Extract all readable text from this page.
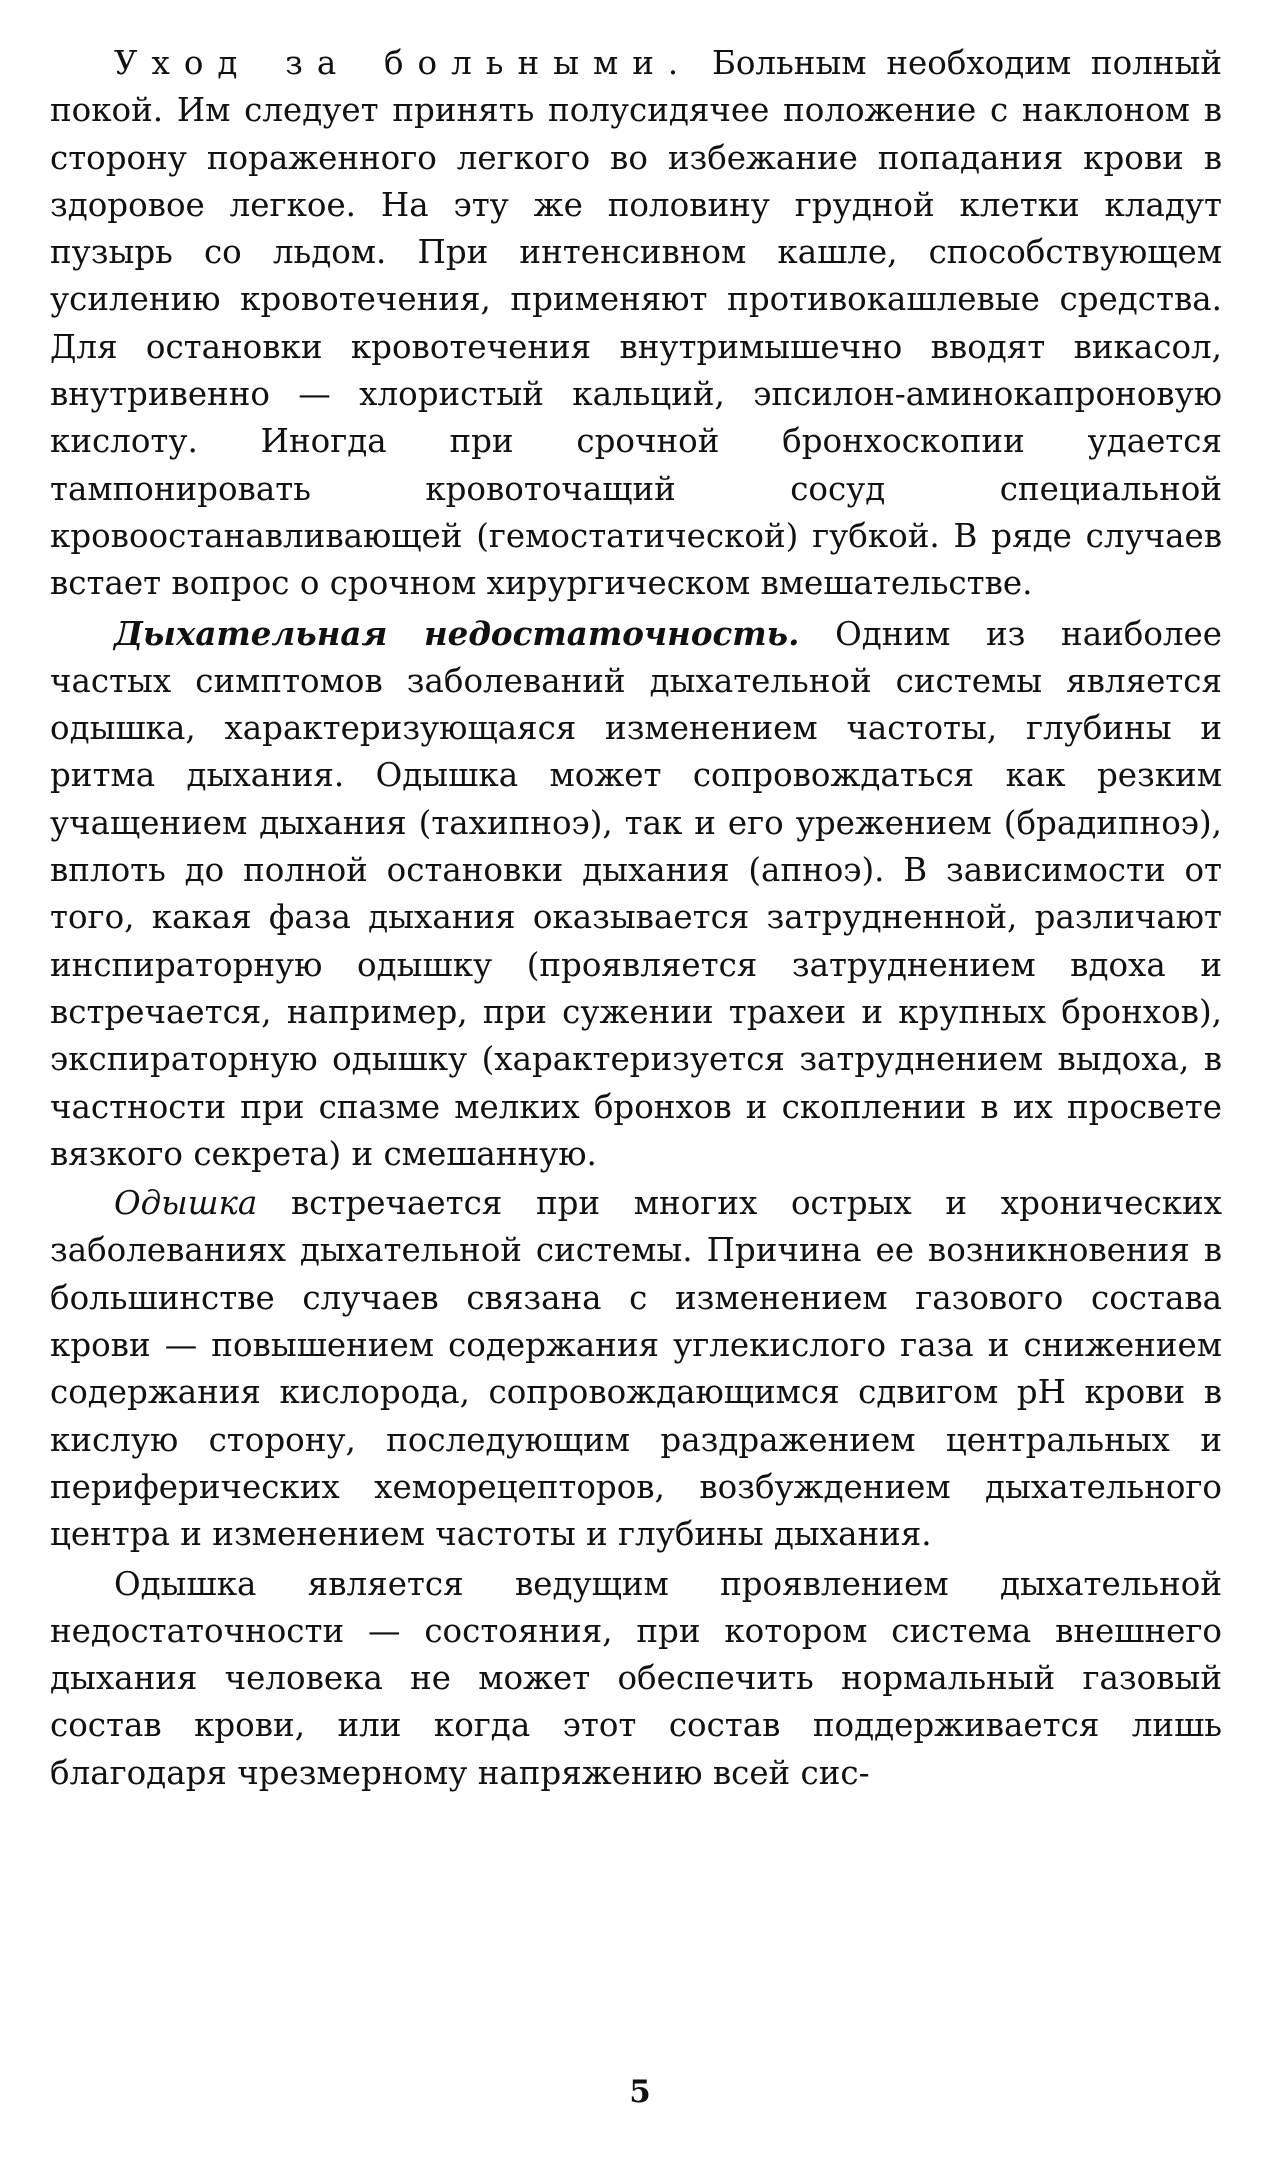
Уход за больными. Больным необходим полный покой. Им следует принять полусидячее положение с наклоном в сторону пораженного легкого во избежание попадания крови в здоровое легкое. На эту же половину грудной клетки кладут пузырь со льдом. При интенсивном кашле, способствующем усилению кровотечения, применяют противокашлевые средства. Для остановки кровотечения внутримышечно вводят викасол, внутривенно — хлористый кальций, эпсилон-аминокапроновую кислоту. Иногда при срочной бронхоскопии удается тампонировать кровоточащий сосуд специальной кровоостанавливающей (гемостатической) губкой. В ряде случаев встает вопрос о срочном хирургическом вмешательстве.

Дыхательная недостаточность. Одним из наиболее частых симптомов заболеваний дыхательной системы является одышка, характеризующаяся изменением частоты, глубины и ритма дыхания. Одышка может сопровождаться как резким учащением дыхания (тахипноэ), так и его урежением (брадипноэ), вплоть до полной остановки дыхания (апноэ). В зависимости от того, какая фаза дыхания оказывается затрудненной, различают инспираторную одышку (проявляется затруднением вдоха и встречается, например, при сужении трахеи и крупных бронхов), экспираторную одышку (характеризуется затруднением выдоха, в частности при спазме мелких бронхов и скоплении в их просвете вязкого секрета) и смешанную.

Одышка встречается при многих острых и хронических заболеваниях дыхательной системы. Причина ее возникновения в большинстве случаев связана с изменением газового состава крови — повышением содержания углекислого газа и снижением содержания кислорода, сопровождающимся сдвигом pH крови в кислую сторону, последующим раздражением центральных и периферических хеморецепторов, возбуждением дыхательного центра и изменением частоты и глубины дыхания.

Одышка является ведущим проявлением дыхательной недостаточности — состояния, при котором система внешнего дыхания человека не может обеспечить нормальный газовый состав крови, или когда этот состав поддерживается лишь благодаря чрезмерному напряжению всей сис-

5
